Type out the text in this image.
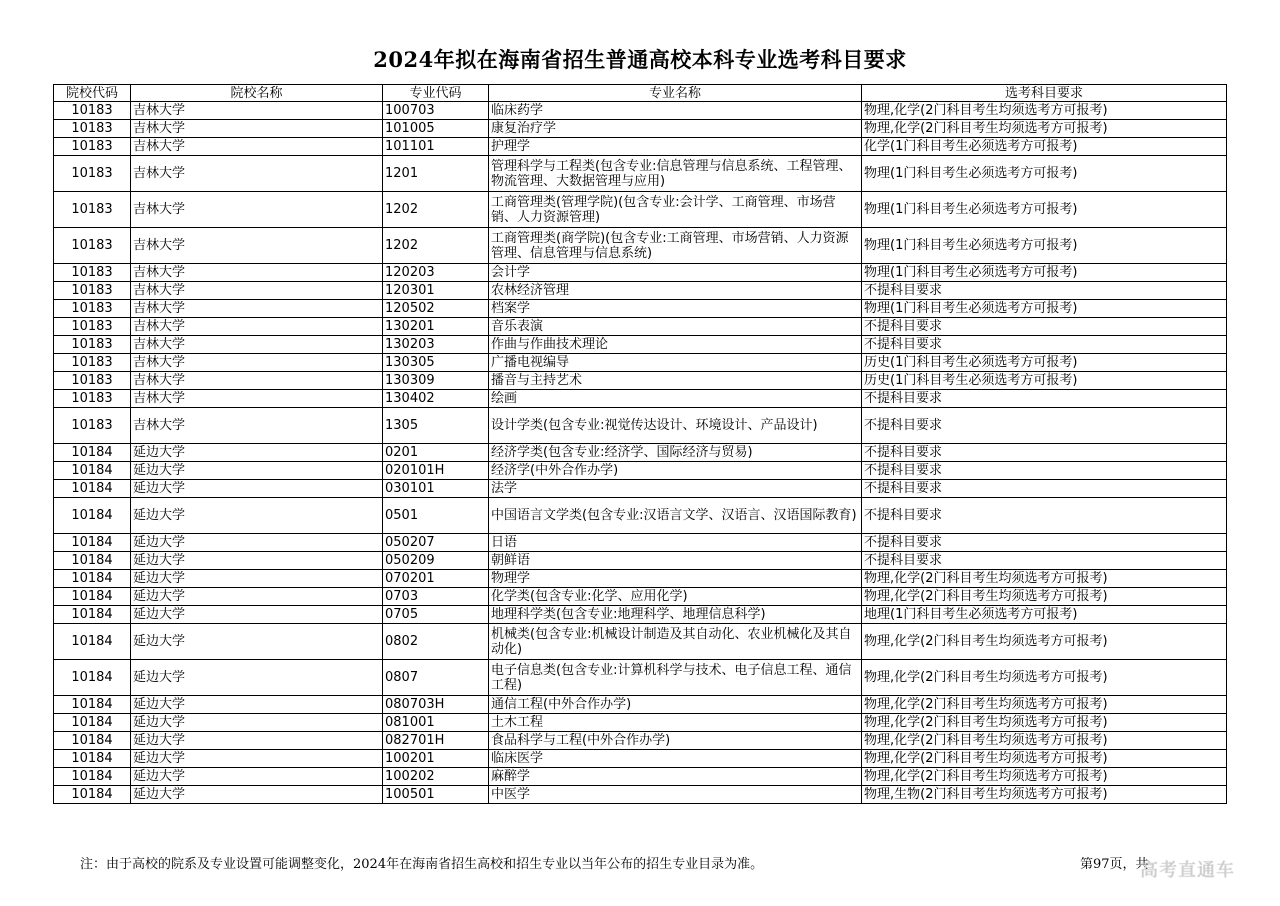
2024年拟在海南省招生普通高校本科专业选考科目要求
院校代码	院校名称	专业代码	专业名称	选考科目要求
10183	吉林大学	100703	临床药学	物理,化学(2门科目考生均须选考方可报考)
10183	吉林大学	101005	康复治疗学	物理,化学(2门科目考生均须选考方可报考)
10183	吉林大学	101101	护理学	化学(1门科目考生必须选考方可报考)
10183	吉林大学	1201	管理科学与工程类(包含专业:信息管理与信息系统、工程管理、物流管理、大数据管理与应用)	物理(1门科目考生必须选考方可报考)
10183	吉林大学	1202	工商管理类(管理学院)(包含专业:会计学、工商管理、市场营销、人力资源管理)	物理(1门科目考生必须选考方可报考)
10183	吉林大学	1202	工商管理类(商学院)(包含专业:工商管理、市场营销、人力资源管理、信息管理与信息系统)	物理(1门科目考生必须选考方可报考)
10183	吉林大学	120203	会计学	物理(1门科目考生必须选考方可报考)
10183	吉林大学	120301	农林经济管理	不提科目要求
10183	吉林大学	120502	档案学	物理(1门科目考生必须选考方可报考)
10183	吉林大学	130201	音乐表演	不提科目要求
10183	吉林大学	130203	作曲与作曲技术理论	不提科目要求
10183	吉林大学	130305	广播电视编导	历史(1门科目考生必须选考方可报考)
10183	吉林大学	130309	播音与主持艺术	历史(1门科目考生必须选考方可报考)
10183	吉林大学	130402	绘画	不提科目要求
10183	吉林大学	1305	设计学类(包含专业:视觉传达设计、环境设计、产品设计)	不提科目要求
10184	延边大学	0201	经济学类(包含专业:经济学、国际经济与贸易)	不提科目要求
10184	延边大学	020101H	经济学(中外合作办学)	不提科目要求
10184	延边大学	030101	法学	不提科目要求
10184	延边大学	0501	中国语言文学类(包含专业:汉语言文学、汉语言、汉语国际教育)	不提科目要求
10184	延边大学	050207	日语	不提科目要求
10184	延边大学	050209	朝鲜语	不提科目要求
10184	延边大学	070201	物理学	物理,化学(2门科目考生均须选考方可报考)
10184	延边大学	0703	化学类(包含专业:化学、应用化学)	物理,化学(2门科目考生均须选考方可报考)
10184	延边大学	0705	地理科学类(包含专业:地理科学、地理信息科学)	地理(1门科目考生必须选考方可报考)
10184	延边大学	0802	机械类(包含专业:机械设计制造及其自动化、农业机械化及其自动化)	物理,化学(2门科目考生均须选考方可报考)
10184	延边大学	0807	电子信息类(包含专业:计算机科学与技术、电子信息工程、通信工程)	物理,化学(2门科目考生均须选考方可报考)
10184	延边大学	080703H	通信工程(中外合作办学)	物理,化学(2门科目考生均须选考方可报考)
10184	延边大学	081001	土木工程	物理,化学(2门科目考生均须选考方可报考)
10184	延边大学	082701H	食品科学与工程(中外合作办学)	物理,化学(2门科目考生均须选考方可报考)
10184	延边大学	100201	临床医学	物理,化学(2门科目考生均须选考方可报考)
10184	延边大学	100202	麻醉学	物理,化学(2门科目考生均须选考方可报考)
10184	延边大学	100501	中医学	物理,生物(2门科目考生均须选考方可报考)
注：由于高校的院系及专业设置可能调整变化，2024年在海南省招生高校和招生专业以当年公布的招生专业目录为准。	第97页，共
高考直通车
